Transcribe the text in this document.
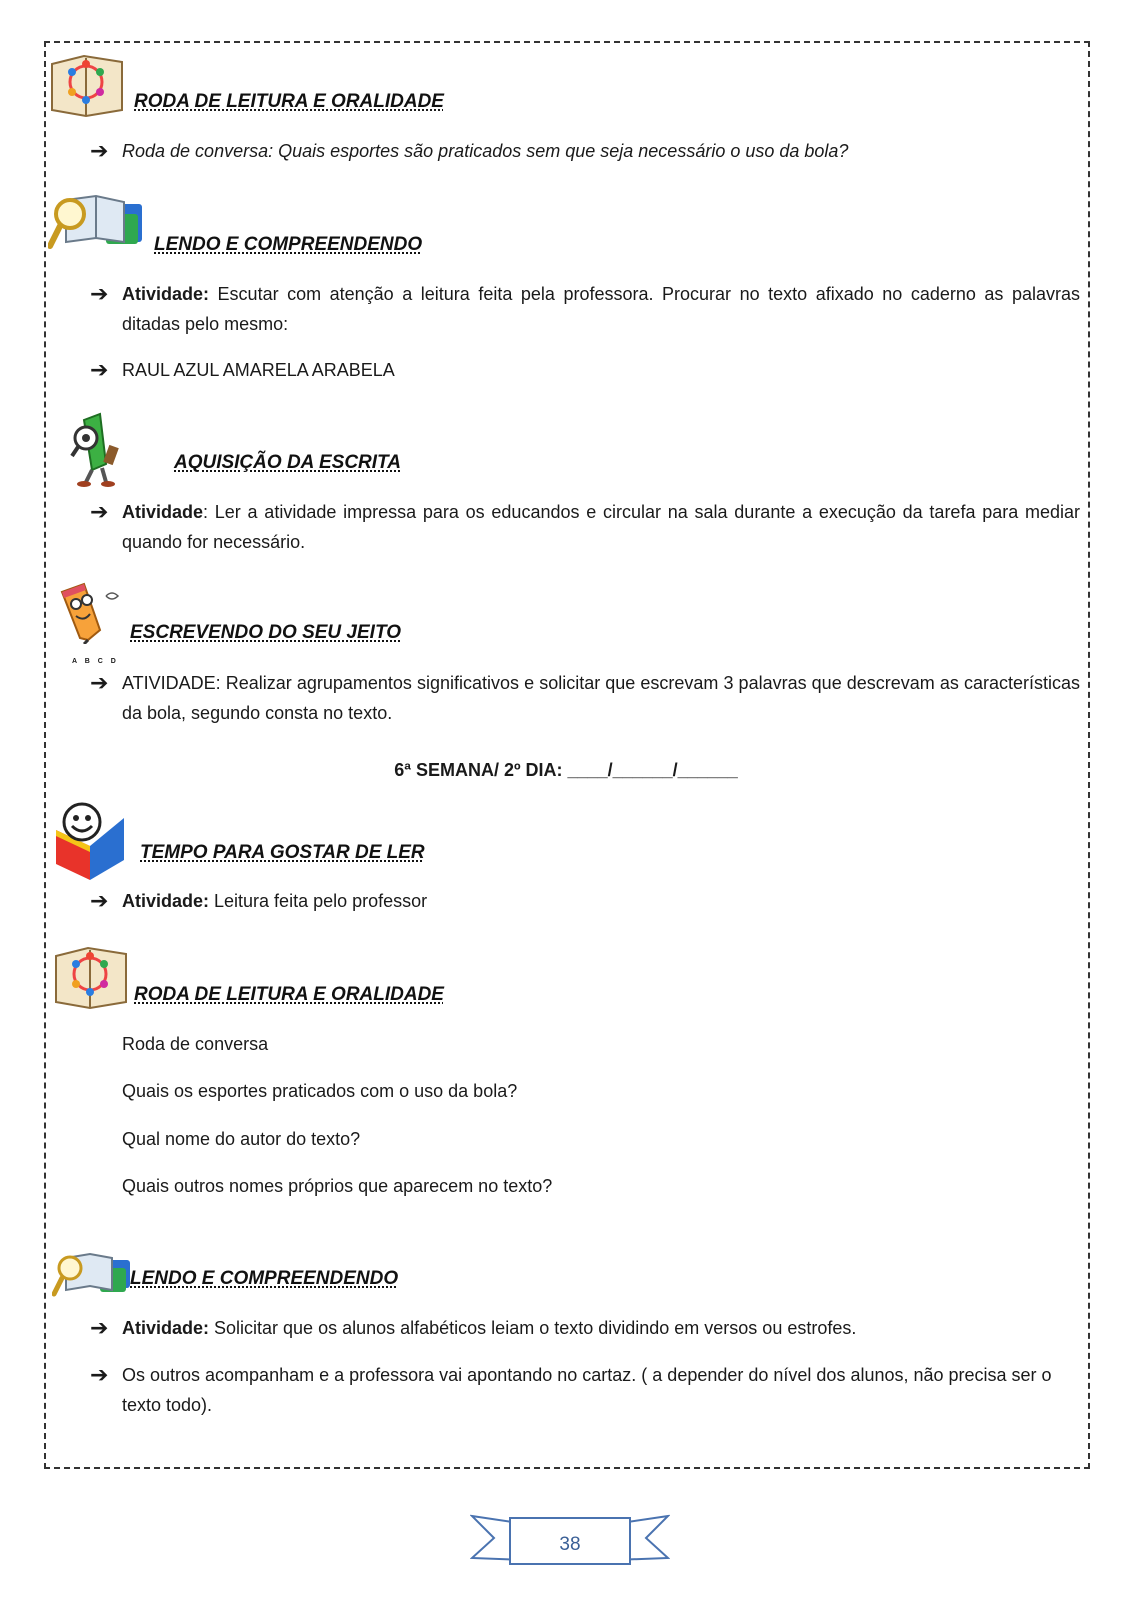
RODA DE LEITURA E ORALIDADE
➔ Roda de conversa: Quais esportes são praticados sem que seja necessário o uso da bola?
LENDO E COMPREENDENDO
➔ Atividade: Escutar com atenção a leitura feita pela professora. Procurar no texto afixado no caderno as palavras ditadas pelo mesmo:
➔ RAUL AZUL AMARELA ARABELA
AQUISIÇÃO DA ESCRITA
➔ Atividade: Ler a atividade impressa para os educandos e circular na sala durante a execução da tarefa para mediar quando for necessário.
A B C D
ESCREVENDO DO SEU JEITO
➔ ATIVIDADE: Realizar agrupamentos significativos e solicitar que escrevam 3 palavras que descrevam as características da bola, segundo consta no texto.
6ª SEMANA/ 2º DIA: ____/______/______
TEMPO PARA GOSTAR DE LER
➔ Atividade: Leitura feita pelo professor
RODA DE LEITURA E ORALIDADE
Roda de conversa
Quais os esportes praticados com o uso da bola?
Qual nome do autor do texto?
Quais outros nomes próprios que aparecem no texto?
LENDO E COMPREENDENDO
➔ Atividade: Solicitar que os alunos alfabéticos leiam o texto dividindo em versos ou estrofes.
➔ Os outros acompanham e a professora vai apontando no cartaz. ( a depender do nível dos alunos, não precisa ser o texto todo).
38
